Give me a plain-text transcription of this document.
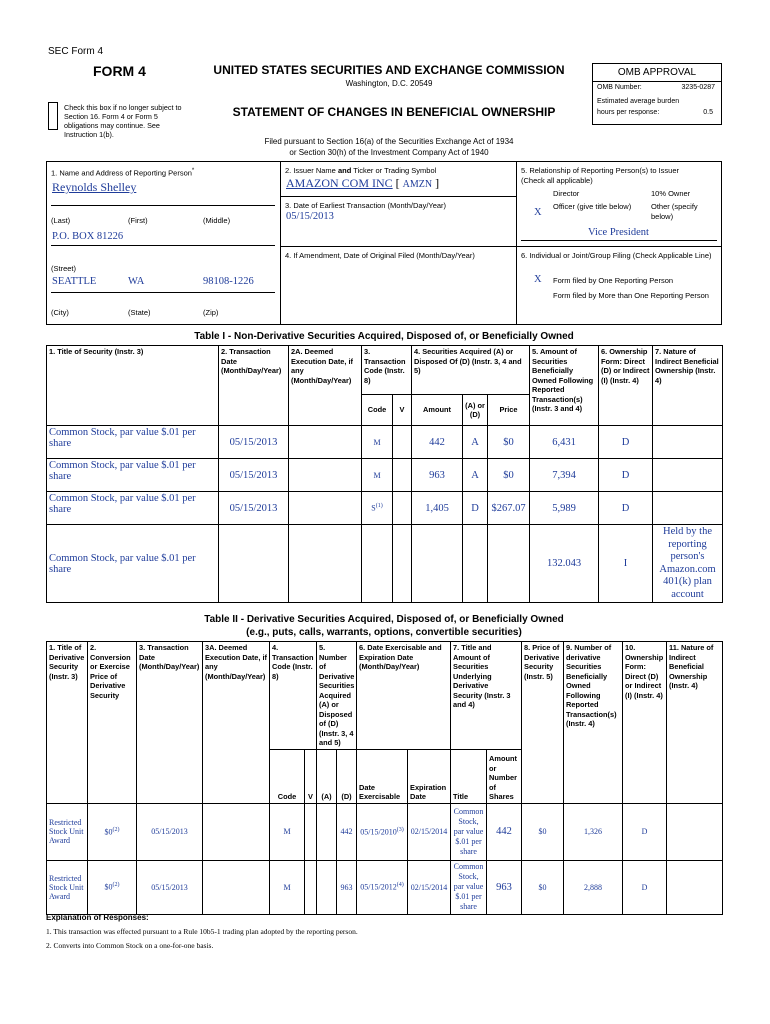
SEC Form 4
FORM 4	UNITED STATES SECURITIES AND EXCHANGE COMMISSION
Washington, D.C. 20549
Check this box if no longer subject to Section 16. Form 4 or Form 5 obligations may continue. See Instruction 1(b).
STATEMENT OF CHANGES IN BENEFICIAL OWNERSHIP
Filed pursuant to Section 16(a) of the Securities Exchange Act of 1934
or Section 30(h) of the Investment Company Act of 1940
OMB APPROVAL
OMB Number:	3235-0287
Estimated average burden
hours per response:	0.5
1. Name and Address of Reporting Person*
Reynolds Shelley
(Last)	(First)	(Middle)
P.O. BOX 81226
(Street)
SEATTLE	WA	98108-1226
(City)	(State)	(Zip)
2. Issuer Name and Ticker or Trading Symbol
AMAZON COM INC [ AMZN ]
3. Date of Earliest Transaction (Month/Day/Year)
05/15/2013
4. If Amendment, Date of Original Filed (Month/Day/Year)
5. Relationship of Reporting Person(s) to Issuer
(Check all applicable)
Director	10% Owner
X
Officer (give title below)	Other (specify below)
Vice President
6. Individual or Joint/Group Filing (Check Applicable Line)
X Form filed by One Reporting Person
Form filed by More than One Reporting Person
Table I - Non-Derivative Securities Acquired, Disposed of, or Beneficially Owned
1. Title of Security (Instr. 3)	2. Transaction Date (Month/Day/Year)	2A. Deemed Execution Date, if any (Month/Day/Year)	3. Transaction Code (Instr. 8)		4. Securities Acquired (A) or Disposed Of (D) (Instr. 3, 4 and 5)			5. Amount of Securities Beneficially Owned Following Reported Transaction(s) (Instr. 3 and 4)	6. Ownership Form: Direct (D) or Indirect (I) (Instr. 4)	7. Nature of Indirect Beneficial Ownership (Instr. 4)
			Code	V	Amount	(A) or (D)	Price			
Common Stock, par value $.01 per share	05/15/2013		M		442	A	$0	6,431	D	
Common Stock, par value $.01 per share	05/15/2013		M		963	A	$0	7,394	D	
Common Stock, par value $.01 per share	05/15/2013		$S^{(1)}$		1,405	D	$267.07	5,989	D	
Common Stock, par value $.01 per share								132.043	I	Held by the reporting person's Amazon.com 401(k) plan account
Table II - Derivative Securities Acquired, Disposed of, or Beneficially Owned
(e.g., puts, calls, warrants, options, convertible securities)
1. Title of Derivative Security (Instr. 3)	2. Conversion or Exercise Price of Derivative Security	3. Transaction Date (Month/Day/Year)	3A. Deemed Execution Date, if any (Month/Day/Year)	4. Transaction Code (Instr. 8)		5. Number of Derivative Securities Acquired (A) or Disposed of (D) (Instr. 3, 4 and 5)		6. Date Exercisable and Expiration Date (Month/Day/Year)		7. Title and Amount of Securities Underlying Derivative Security (Instr. 3 and 4)		8. Price of Derivative Security (Instr. 5)	9. Number of derivative Securities Beneficially Owned Following Reported Transaction(s) (Instr. 4)	10. Ownership Form: Direct (D) or Indirect (I) (Instr. 4)	11. Nature of Indirect Beneficial Ownership (Instr. 4)
				Code	V	(A)	(D)	Date Exercisable	Expiration Date	Title	Amount or Number of Shares				
Restricted Stock Unit Award	$0$^{(2)}$	05/15/2013		M			442	05/15/2010$^{(3)}$	02/15/2014	Common Stock, par value $.01 per share	442	$0	1,326	D	
Restricted Stock Unit Award	$0$^{(2)}$	05/15/2013		M			963	05/15/2012$^{(4)}$	02/15/2014	Common Stock, par value $.01 per share	963	$0	2,888	D	
Explanation of Responses:
1. This transaction was effected pursuant to a Rule 10b5-1 trading plan adopted by the reporting person.
2. Converts into Common Stock on a one-for-one basis.
